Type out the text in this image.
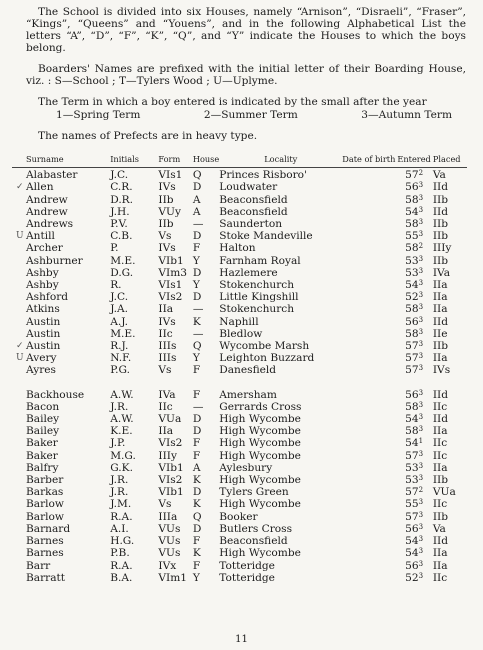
The School is divided into six Houses, namely “Arnison”, “Disraeli”, “Fraser”, “Kings”, “Queens” and “Youens”, and in the following Alphabetical List the letters “A”, “D”, “F”, “K”, “Q”, and “Y” indicate the Houses to which the boys belong.

Boarders' Names are prefixed with the initial letter of their Boarding House, viz. : S—School ; T—Tylers Wood ; U—Uplyme.

The Term in which a boy entered is indicated by the small after the year

1—Spring Term	2—Summer Term	3—Autumn Term

The names of Prefects are in heavy type.

Surname	Initials	Form	House	Locality	Date of birth	Entered	Placed

Alabaster	J.C.	VIs1	Q	Princes Risboro'		$57^2$	Va

✓ Allen	C.R.	IVs	D	Loudwater		$56^3$	IId
Andrew	D.R.	IIb	A	Beaconsfield		$58^3$	IIb
Andrew	J.H.	VUy	A	Beaconsfield		$54^3$	IId
Andrews	P.V.	IIb	—	Saunderton		$58^3$	IIb

U Antill	C.B.	Vs	D	Stoke Mandeville		$55^3$	IIb
Archer	P.	IVs	F	Halton		$58^2$	IIIy
Ashburner	M.E.	VIb1	Y	Farnham Royal		$53^3$	IIb
Ashby	D.G.	VIm3	D	Hazlemere		$53^3$	IVa
Ashby	R.	VIs1	Y	Stokenchurch		$54^3$	IIa
Ashford	J.C.	VIs2	D	Little Kingshill		$52^3$	IIa
Atkins	J.A.	IIa	—	Stokenchurch		$58^3$	IIa
Austin	A.J.	IVs	K	Naphill		$56^3$	IId
Austin	M.E.	IIc	—	Bledlow		$58^3$	IIe

✓ Austin	R.J.	IIIs	Q	Wycombe Marsh		$57^3$	IIb

U Avery	N.F.	IIIs	Y	Leighton Buzzard		$57^3$	IIa
Ayres	P.G.	Vs	F	Danesfield		$57^3$	IVs

Backhouse	A.W.	IVa	F	Amersham		$56^3$	IId
Bacon	J.R.	IIc	—	Gerrards Cross		$58^3$	IIc
Bailey	A.W.	VUa	D	High Wycombe		$54^3$	IId
Bailey	K.E.	IIa	D	High Wycombe		$58^3$	IIa
Baker	J.P.	VIs2	F	High Wycombe		$54^1$	IIc
Baker	M.G.	IIIy	F	High Wycombe		$57^3$	IIc
Balfry	G.K.	VIb1	A	Aylesbury		$53^3$	IIa
Barber	J.R.	VIs2	K	High Wycombe		$53^3$	IIb
Barkas	J.R.	VIb1	D	Tylers Green		$57^2$	VUa
Barlow	J.M.	Vs	K	High Wycombe		$55^3$	IIc
Barlow	R.A.	IIIa	Q	Booker		$57^3$	IIb
Barnard	A.I.	VUs	D	Butlers Cross		$56^3$	Va
Barnes	H.G.	VUs	F	Beaconsfield		$54^3$	IId
Barnes	P.B.	VUs	K	High Wycombe		$54^3$	IIa
Barr	R.A.	IVx	F	Totteridge		$56^3$	IIa
Barratt	B.A.	VIm1	Y	Totteridge		$52^3$	IIc
11
